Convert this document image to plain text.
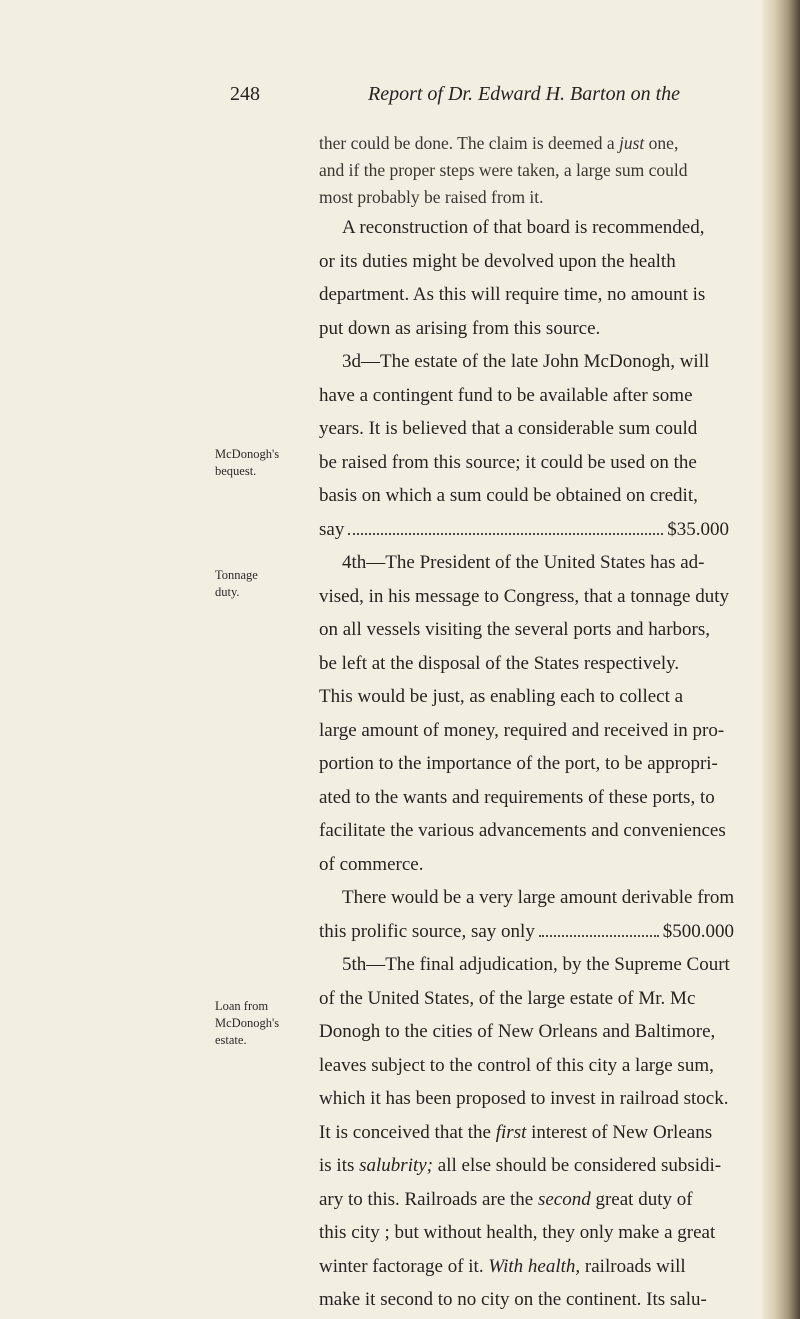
248	Report of Dr. Edward H. Barton on the
McDonogh's
bequest.
Tonnage
duty.
Loan from
McDonogh's
estate.
ther could be done. The claim is deemed a just one,
and if the proper steps were taken, a large sum could
most probably be raised from it.
A reconstruction of that board is recommended,
or its duties might be devolved upon the health
department. As this will require time, no amount is
put down as arising from this source.
3d—The estate of the late John McDonogh, will
have a contingent fund to be available after some
years. It is believed that a considerable sum could
be raised from this source; it could be used on the
basis on which a sum could be obtained on credit,
say	$35.000
4th—The President of the United States has ad-
vised, in his message to Congress, that a tonnage duty
on all vessels visiting the several ports and harbors,
be left at the disposal of the States respectively.
This would be just, as enabling each to collect a
large amount of money, required and received in pro-
portion to the importance of the port, to be appropri-
ated to the wants and requirements of these ports, to
facilitate the various advancements and conveniences
of commerce.
There would be a very large amount derivable from
this prolific source, say only	$500.000
5th—The final adjudication, by the Supreme Court
of the United States, of the large estate of Mr. Mc
Donogh to the cities of New Orleans and Baltimore,
leaves subject to the control of this city a large sum,
which it has been proposed to invest in railroad stock.
It is conceived that the first interest of New Orleans
is its salubrity; all else should be considered subsidi-
ary to this. Railroads are the second great duty of
this city ; but without health, they only make a great
winter factorage of it. With health, railroads will
make it second to no city on the continent. Its salu-
